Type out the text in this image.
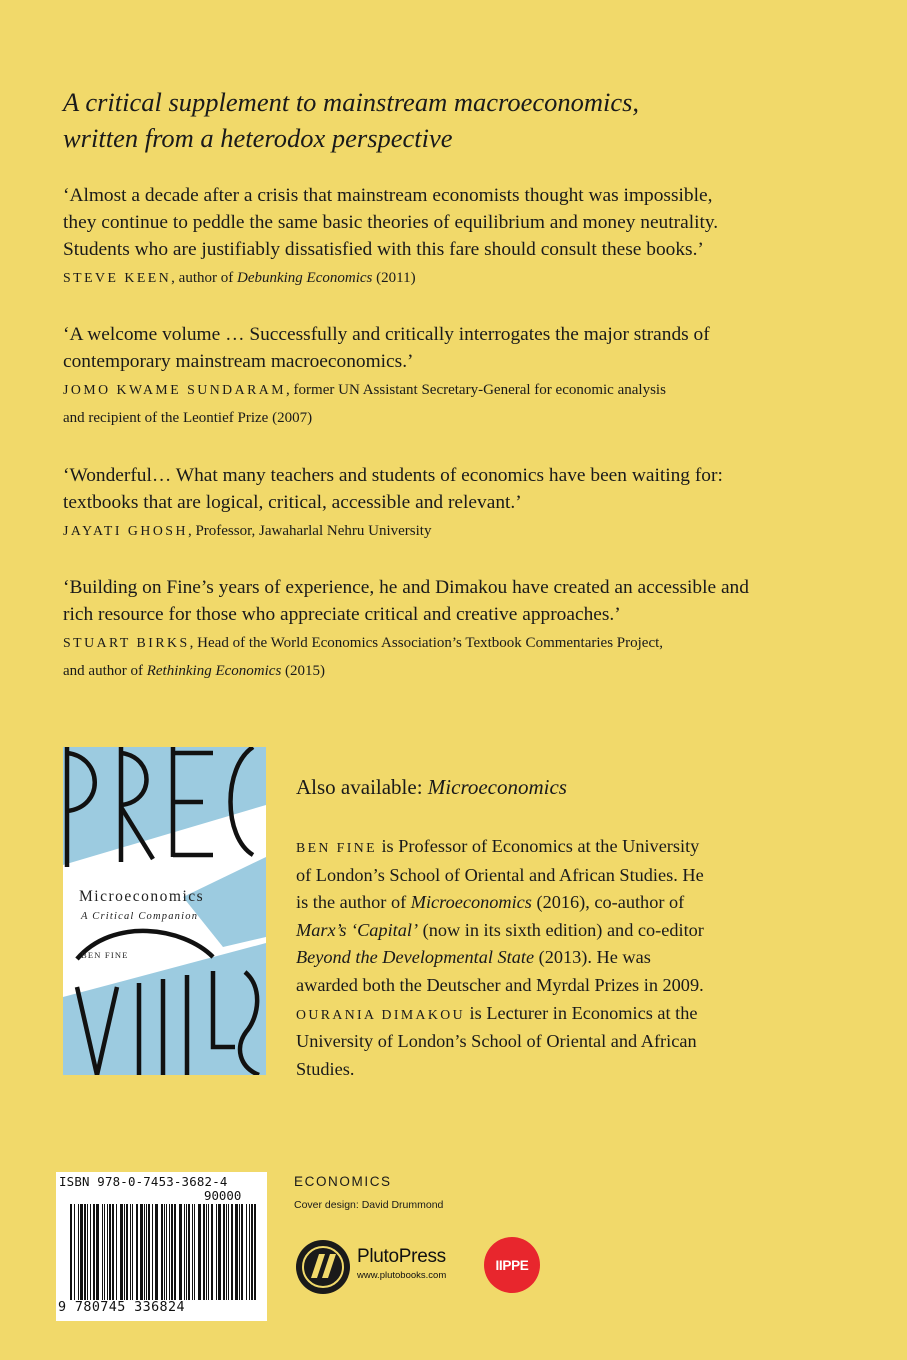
A critical supplement to mainstream macroeconomics,
written from a heterodox perspective
‘Almost a decade after a crisis that mainstream economists thought was impossible,
they continue to peddle the same basic theories of equilibrium and money neutrality.
Students who are justifiably dissatisfied with this fare should consult these books.’
STEVE KEEN, author of Debunking Economics (2011)
‘A welcome volume … Successfully and critically interrogates the major strands of
contemporary mainstream macroeconomics.’
JOMO KWAME SUNDARAM, former UN Assistant Secretary-General for economic analysis
and recipient of the Leontief Prize (2007)
‘Wonderful… What many teachers and students of economics have been waiting for:
textbooks that are logical, critical, accessible and relevant.’
JAYATI GHOSH, Professor, Jawaharlal Nehru University
‘Building on Fine’s years of experience, he and Dimakou have created an accessible and
rich resource for those who appreciate critical and creative approaches.’
STUART BIRKS, Head of the World Economics Association’s Textbook Commentaries Project,
and author of Rethinking Economics (2015)
Microeconomics
A Critical Companion
BEN FINE
Also available: Microeconomics
BEN FINE is Professor of Economics at the University
of London’s School of Oriental and African Studies. He
is the author of Microeconomics (2016), co-author of
Marx’s ‘Capital’ (now in its sixth edition) and co-editor
Beyond the Developmental State (2013). He was
awarded both the Deutscher and Myrdal Prizes in 2009.
OURANIA DIMAKOU is Lecturer in Economics at the
University of London’s School of Oriental and African
Studies.
ISBN 978-0-7453-3682-4
90000
9 780745 336824
ECONOMICS
Cover design: David Drummond
PlutoPress
www.plutobooks.com
IIPPE
